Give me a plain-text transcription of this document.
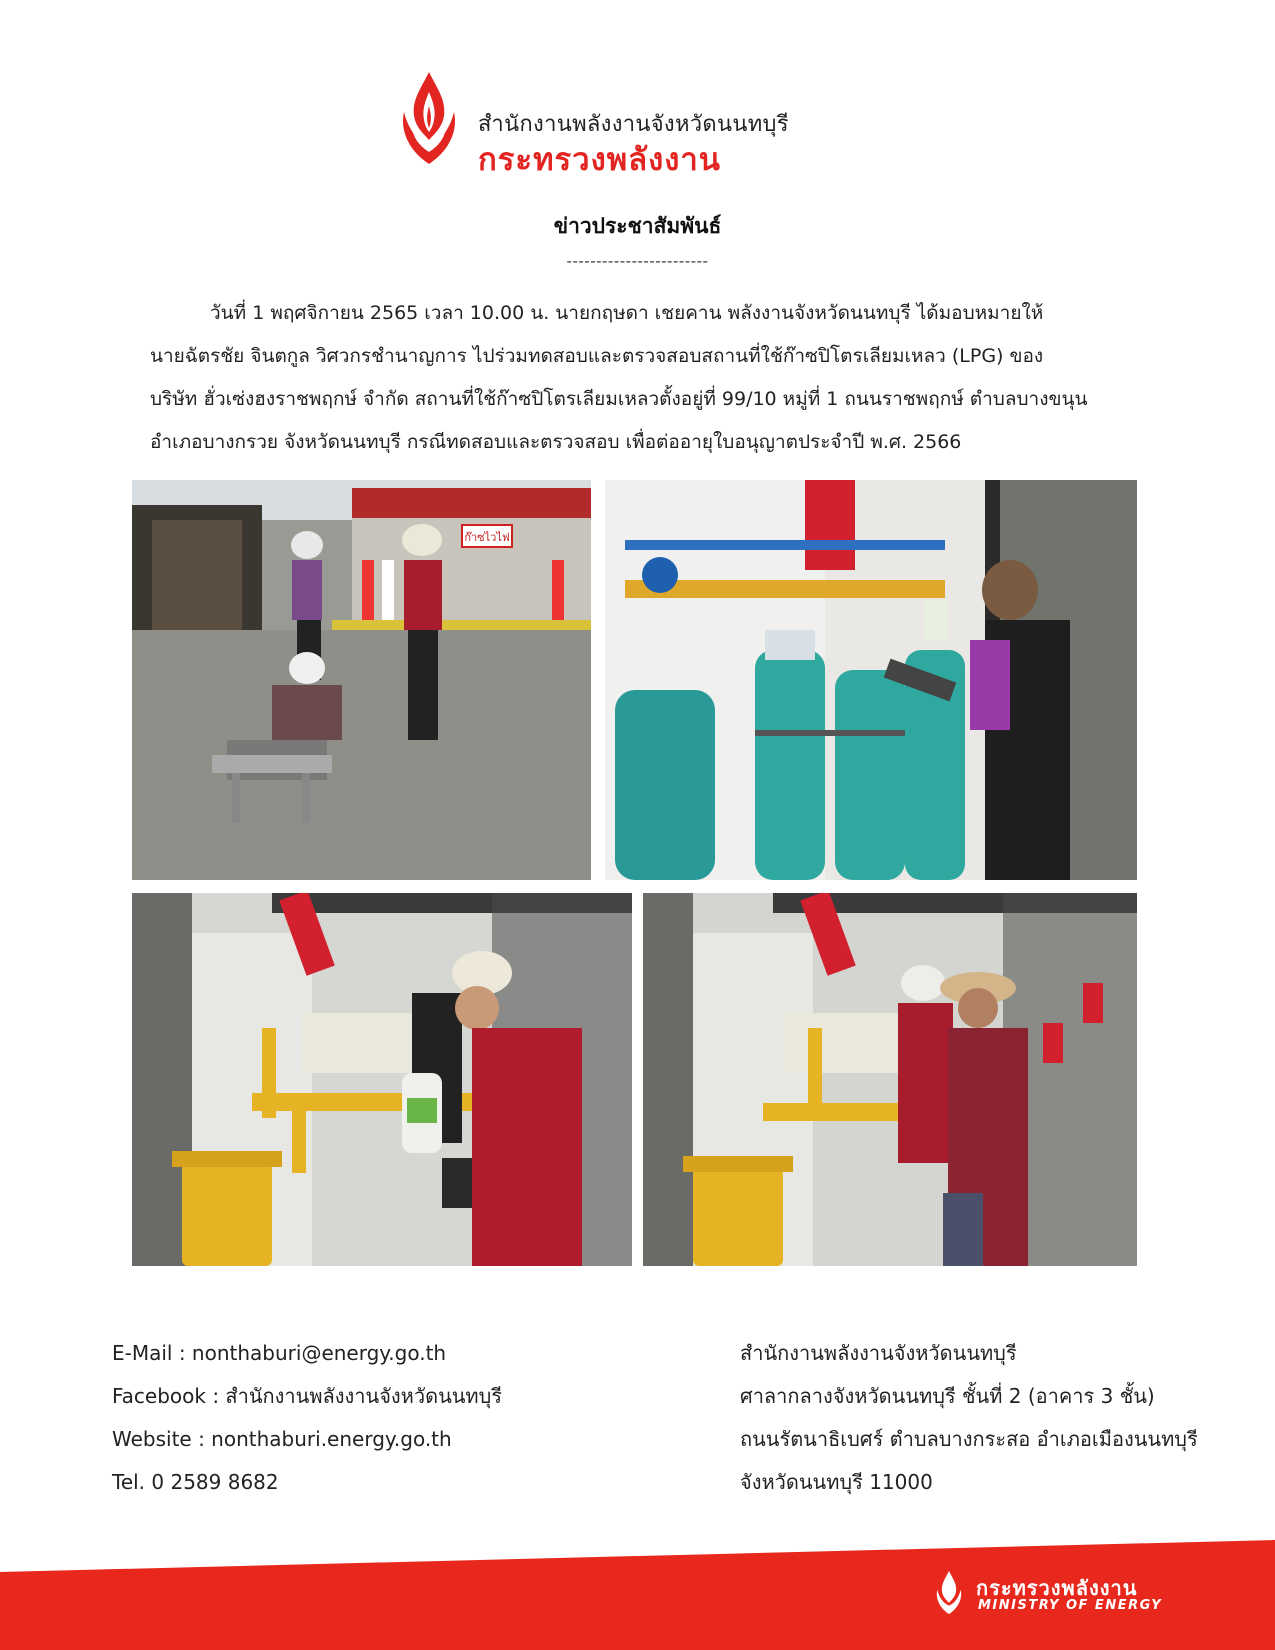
สำนักงานพลังงานจังหวัดนนทบุรี
กระทรวงพลังงาน
ข่าวประชาสัมพันธ์
------------------------

วันที่ 1 พฤศจิกายน 2565 เวลา 10.00 น. นายกฤษดา เชยคาน พลังงานจังหวัดนนทบุรี ได้มอบหมายให้

นายฉัตรชัย จินตกูล วิศวกรชำนาญการ ไปร่วมทดสอบและตรวจสอบสถานที่ใช้ก๊าซปิโตรเลียมเหลว (LPG) ของ

บริษัท ฮั่วเซ่งฮงราชพฤกษ์ จำกัด สถานที่ใช้ก๊าซปิโตรเลียมเหลวตั้งอยู่ที่ 99/10 หมู่ที่ 1 ถนนราชพฤกษ์ ตำบลบางขนุน

อำเภอบางกรวย จังหวัดนนทบุรี กรณีทดสอบและตรวจสอบ เพื่อต่ออายุใบอนุญาตประจำปี พ.ศ. 2566

ก๊าซไวไฟ
E-Mail : nonthaburi@energy.go.th
Facebook : สำนักงานพลังงานจังหวัดนนทบุรี
Website : nonthaburi.energy.go.th
Tel. 0 2589 8682
สำนักงานพลังงานจังหวัดนนทบุรี
ศาลากลางจังหวัดนนทบุรี ชั้นที่ 2 (อาคาร 3 ชั้น)
ถนนรัตนาธิเบศร์ ตำบลบางกระสอ อำเภอเมืองนนทบุรี
จังหวัดนนทบุรี 11000
กระทรวงพลังงาน
MINISTRY OF ENERGY
